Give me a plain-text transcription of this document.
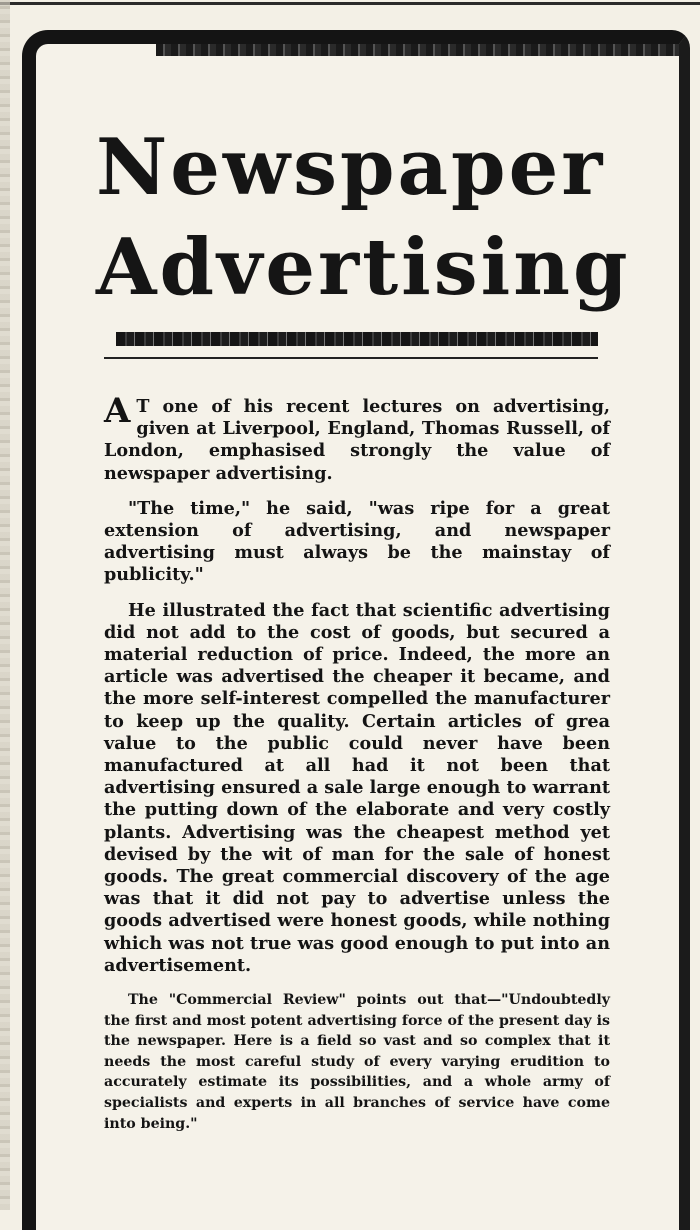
Newspaper
Advertising

A T one of his recent lectures on advertising, given at Liverpool, England, Thomas Russell, of London, emphasised strongly the value of newspaper advertising.

"The time," he said, "was ripe for a great extension of advertising, and newspaper advertising must always be the mainstay of publicity."

He illustrated the fact that scientific advertising did not add to the cost of goods, but secured a material reduction of price. Indeed, the more an article was advertised the cheaper it became, and the more self-interest compelled the manufacturer to keep up the quality. Certain articles of grea value to the public could never have been manufactured at all had it not been that advertising ensured a sale large enough to warrant the putting down of the elaborate and very costly plants. Advertising was the cheapest method yet devised by the wit of man for the sale of honest goods. The great commercial discovery of the age was that it did not pay to advertise unless the goods advertised were honest goods, while nothing which was not true was good enough to put into an advertisement.

The "Commercial Review" points out that—"Undoubtedly the first and most potent advertising force of the present day is the newspaper. Here is a field so vast and so complex that it needs the most careful study of every varying erudition to accurately estimate its possibilities, and a whole army of specialists and experts in all branches of service have come into being."
